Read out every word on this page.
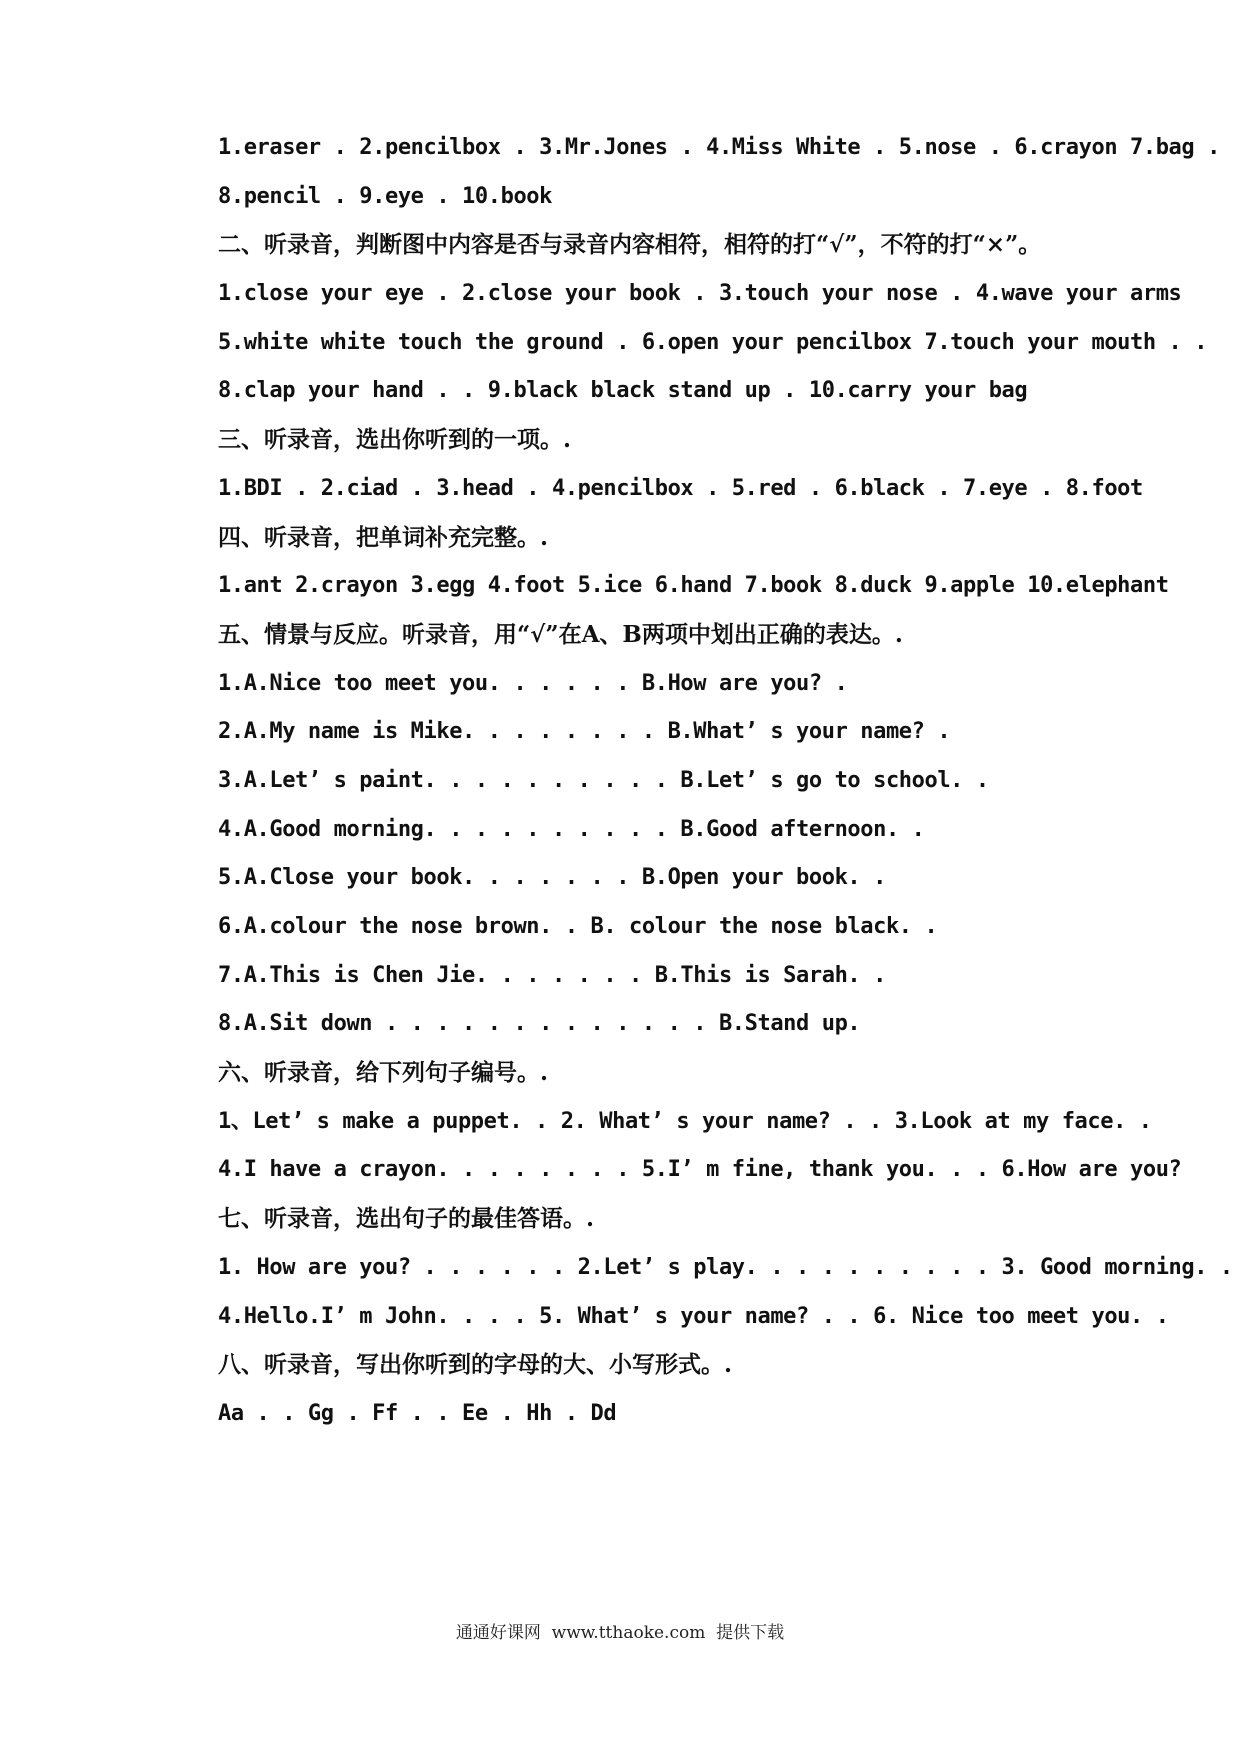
1.eraser . 2.pencilbox . 3.Mr.Jones . 4.Miss White . 5.nose . 6.crayon 7.bag .
8.pencil . 9.eye . 10.book
二、听录音，判断图中内容是否与录音内容相符，相符的打“√”，不符的打“×”。
1.close your eye . 2.close your book . 3.touch your nose . 4.wave your arms
5.white white touch the ground . 6.open your pencilbox 7.touch your mouth . .
8.clap your hand . . 9.black black stand up . 10.carry your bag
三、听录音，选出你听到的一项。.
1.BDI . 2.ciad . 3.head . 4.pencilbox . 5.red . 6.black . 7.eye . 8.foot
四、听录音，把单词补充完整。.
1.ant 2.crayon 3.egg 4.foot 5.ice 6.hand 7.book 8.duck 9.apple 10.elephant
五、情景与反应。听录音，用“√”在A、B两项中划出正确的表达。.
1.A.Nice too meet you. . . . . . B.How are you? .
2.A.My name is Mike. . . . . . . . B.What’ s your name? .
3.A.Let’ s paint. . . . . . . . . . B.Let’ s go to school. .
4.A.Good morning. . . . . . . . . . B.Good afternoon. .
5.A.Close your book. . . . . . . B.Open your book. .
6.A.colour the nose brown. . B. colour the nose black. .
7.A.This is Chen Jie. . . . . . . B.This is Sarah. .
8.A.Sit down . . . . . . . . . . . . . B.Stand up.
六、听录音，给下列句子编号。.
1、Let’ s make a puppet. . 2. What’ s your name? . . 3.Look at my face. .
4.I have a crayon. . . . . . . . 5.I’ m fine, thank you. . . 6.How are you?
七、听录音，选出句子的最佳答语。.
1. How are you? . . . . . . 2.Let’ s play. . . . . . . . . . 3. Good morning. .
4.Hello.I’ m John. . . . 5. What’ s your name? . . 6. Nice too meet you. .
八、听录音，写出你听到的字母的大、小写形式。.
Aa . . Gg . Ff . . Ee . Hh . Dd
通通好课网  www.tthaoke.com  提供下载
